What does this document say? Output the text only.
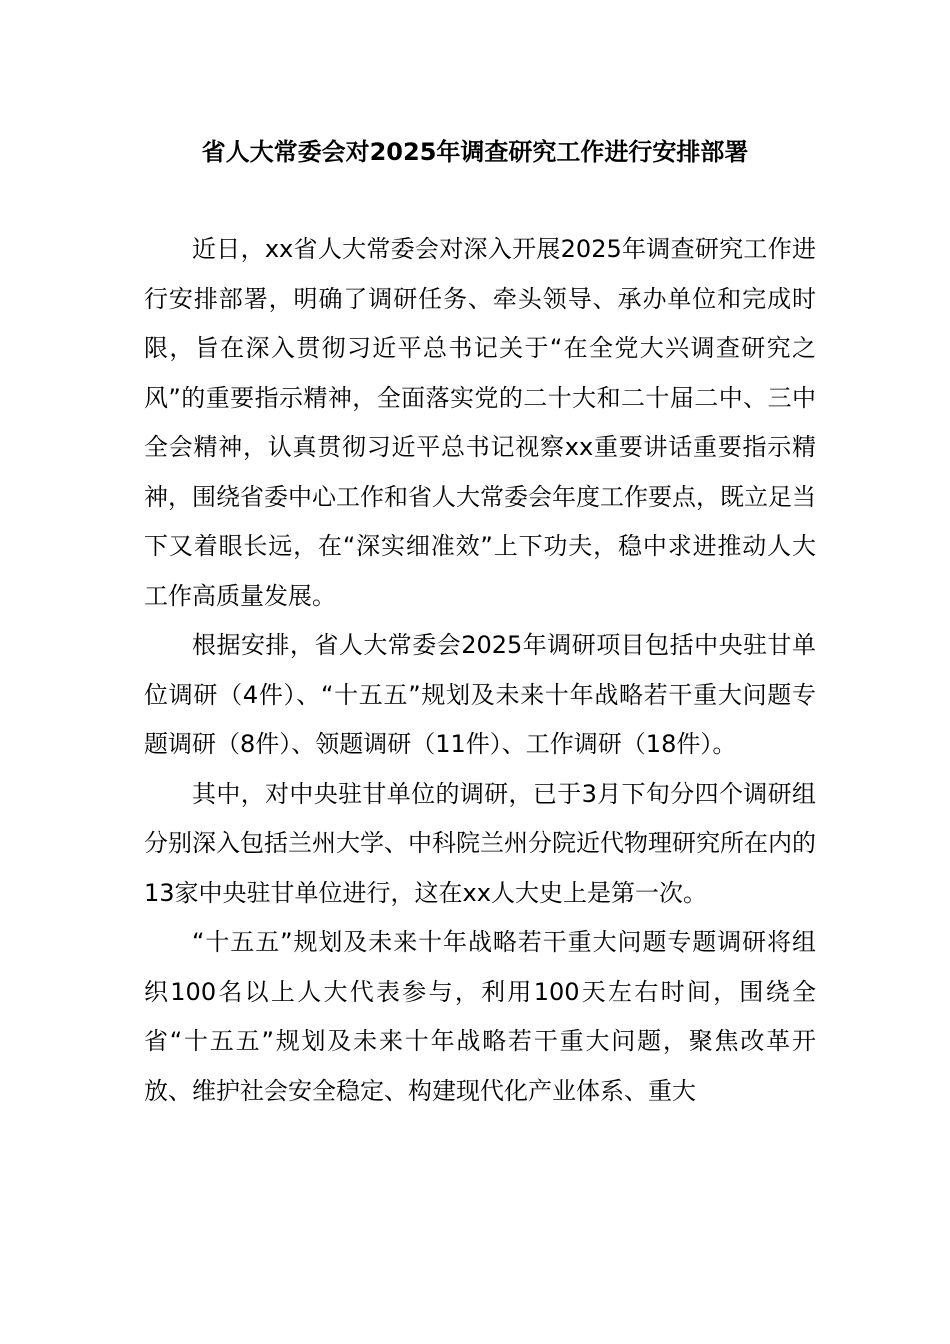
省人大常委会对2025年调查研究工作进行安排部署

近日，xx省人大常委会对深入开展2025年调查研究工作进行安排部署，明确了调研任务、牵头领导、承办单位和完成时限，旨在深入贯彻习近平总书记关于“在全党大兴调查研究之风”的重要指示精神，全面落实党的二十大和二十届二中、三中全会精神，认真贯彻习近平总书记视察xx重要讲话重要指示精神，围绕省委中心工作和省人大常委会年度工作要点，既立足当下又着眼长远，在“深实细准效”上下功夫，稳中求进推动人大工作高质量发展。

根据安排，省人大常委会2025年调研项目包括中央驻甘单位调研（4件）、“十五五”规划及未来十年战略若干重大问题专题调研（8件）、领题调研（11件）、工作调研（18件）。

其中，对中央驻甘单位的调研，已于3月下旬分四个调研组分别深入包括兰州大学、中科院兰州分院近代物理研究所在内的13家中央驻甘单位进行，这在xx人大史上是第一次。

“十五五”规划及未来十年战略若干重大问题专题调研将组织100名以上人大代表参与，利用100天左右时间，围绕全省“十五五”规划及未来十年战略若干重大问题，聚焦改革开放、维护社会安全稳定、构建现代化产业体系、重大
